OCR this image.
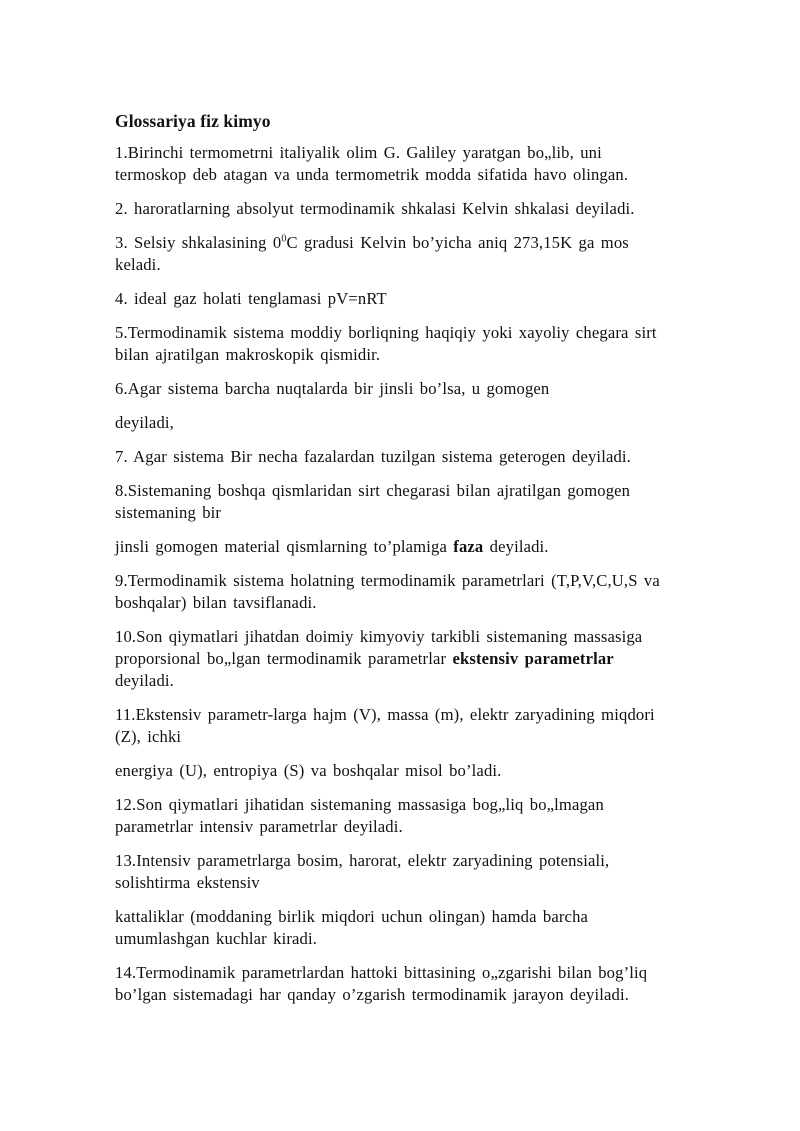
Glossariya fiz kimyo
1.Birinchi termometrni italiyalik olim G. Galiley yaratgan bo„lib, uni
termoskop deb atagan va unda termometrik modda sifatida havo olingan.
2. haroratlarning absolyut termodinamik shkalasi Kelvin shkalasi deyiladi.
3. Selsiy shkalasining $0^0C$ gradusi Kelvin bo’yicha aniq 273,15K ga mos
keladi.
4. ideal gaz holati tenglamasi pV=nRT
5.Termodinamik sistema moddiy borliqning haqiqiy yoki xayoliy chegara sirt
bilan ajratilgan makroskopik qismidir.
6.Agar sistema barcha nuqtalarda bir jinsli bo’lsa, u gomogen
deyiladi,
7. Agar sistema Bir necha fazalardan tuzilgan sistema geterogen deyiladi.
8.Sistemaning boshqa qismlaridan sirt chegarasi bilan ajratilgan gomogen
sistemaning bir
jinsli gomogen material qismlarning to’plamiga faza deyiladi.
9.Termodinamik sistema holatning termodinamik parametrlari (T,P,V,C,U,S va
boshqalar) bilan tavsiflanadi.
10.Son qiymatlari jihatdan doimiy kimyoviy tarkibli sistemaning massasiga
proporsional bo„lgan termodinamik parametrlar ekstensiv parametrlar
deyiladi.
11.Ekstensiv parametr-larga hajm (V), massa (m), elektr zaryadining miqdori
(Z), ichki
energiya (U), entropiya (S) va boshqalar misol bo’ladi.
12.Son qiymatlari jihatidan sistemaning massasiga bog„liq bo„lmagan
parametrlar intensiv parametrlar deyiladi.
13.Intensiv parametrlarga bosim, harorat, elektr zaryadining potensiali,
solishtirma ekstensiv
kattaliklar (moddaning birlik miqdori uchun olingan) hamda barcha
umumlashgan kuchlar kiradi.
14.Termodinamik parametrlardan hattoki bittasining o„zgarishi bilan bog’liq
bo’lgan sistemadagi har qanday o’zgarish termodinamik jarayon deyiladi.
